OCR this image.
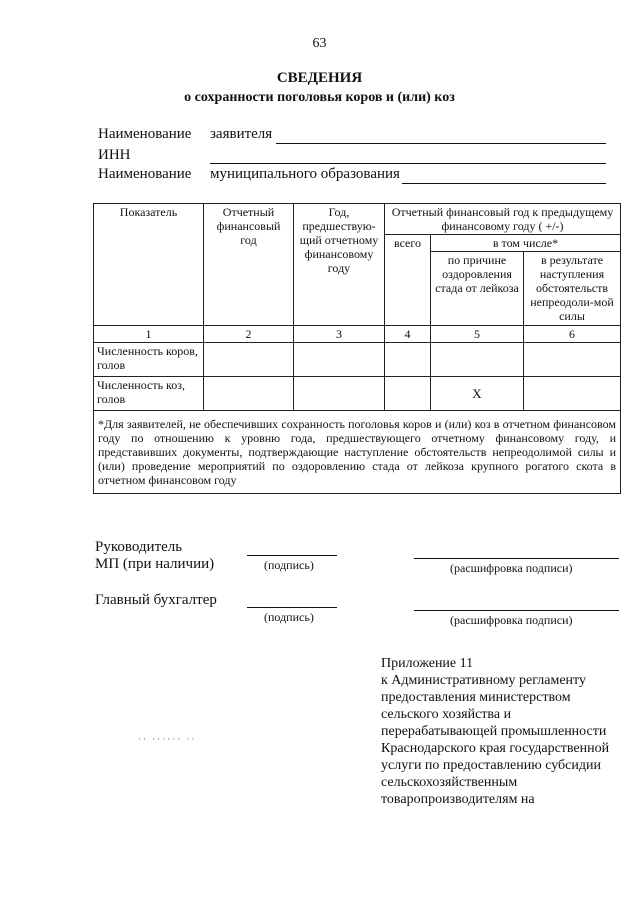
63
СВЕДЕНИЯ
о сохранности поголовья коров и (или) коз
Наименование заявителя
ИНН
Наименование муниципального образования
Показатель	Отчетный финансовый год	Год, предшествую-щий отчетному финансовому году	Отчетный финансовый год к предыдущему финансовому году ( +/-)		
			всего	в том числе*	
				по причине оздоровления стада от лейкоза	в результате наступления обстоятельств непреодоли-мой силы
1	2	3	4	5	6
Численность коров, голов					
Численность коз, голов				Х	
*Для заявителей, не обеспечивших сохранность поголовья коров и (или) коз в отчетном финансовом году по отношению к уровню года, предшествующего отчетному финансовому году, и представивших документы, подтверждающие наступление обстоятельств непреодолимой силы и (или) проведение мероприятий по оздоровлению стада от лейкоза крупного рогатого скота в отчетном финансовом году					
Руководитель
МП (при наличии)	(подпись)	(расшифровка подписи)
Главный бухгалтер
(подпись)	(расшифровка подписи)
Приложение 11
к Административному регламенту предоставления министерством сельского хозяйства и перерабатывающей промышленности Краснодарского края государственной услуги по предоставлению субсидии сельскохозяйственным товаропроизводителям на
·· ······ ··
